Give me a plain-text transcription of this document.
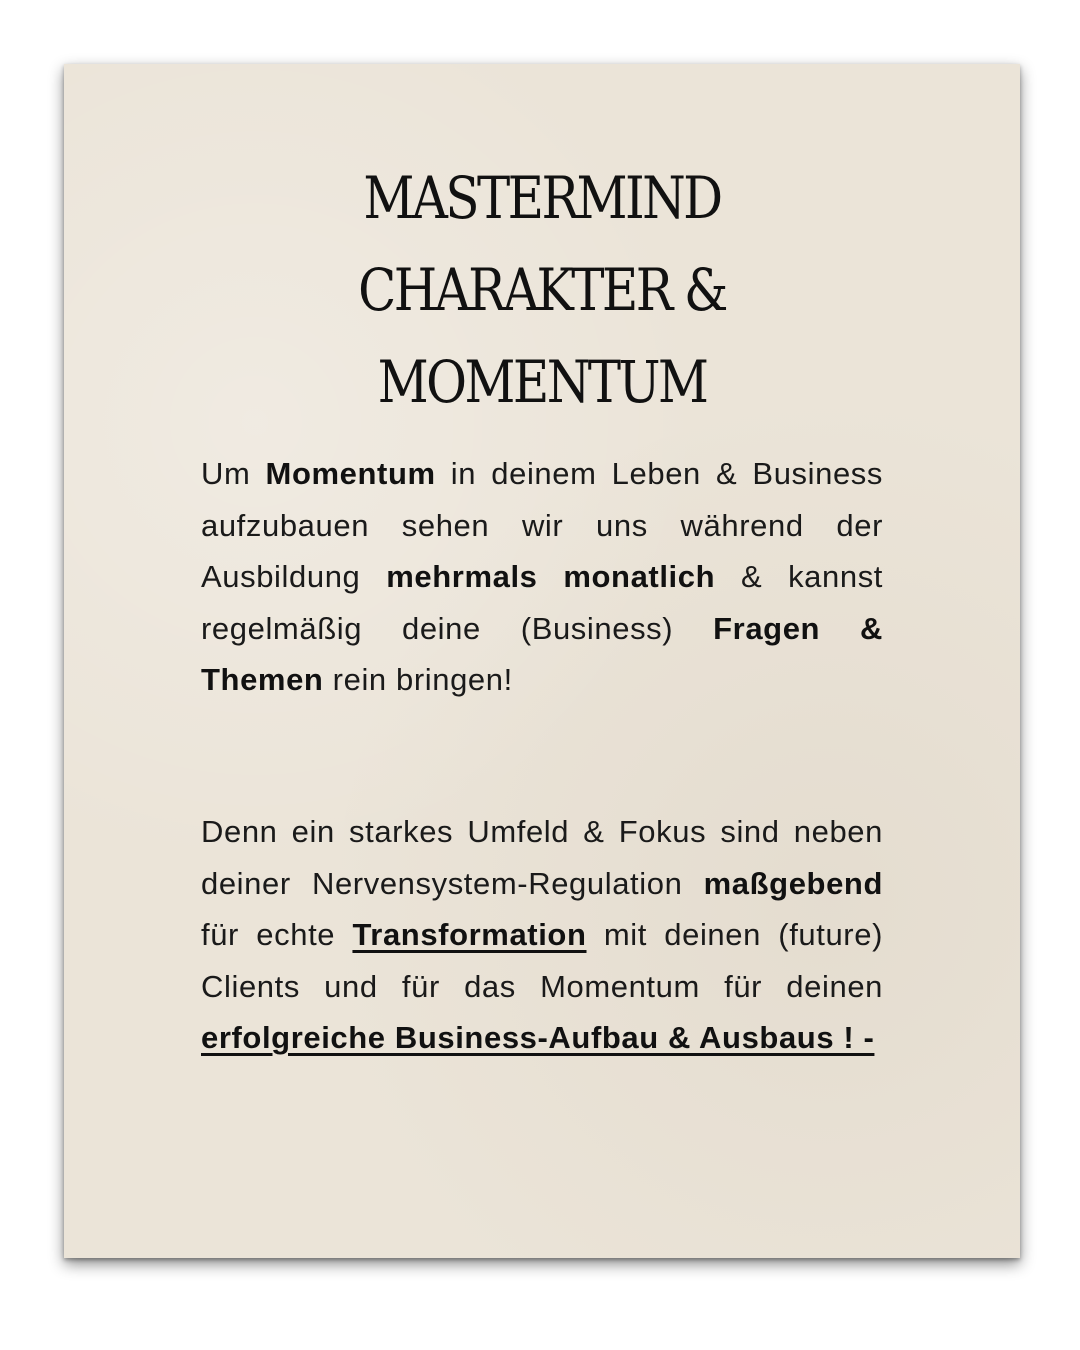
MASTERMIND
CHARAKTER &
MOMENTUM
Um Momentum in deinem Leben & Business aufzubauen sehen wir uns während der Ausbildung mehrmals monatlich & kannst regelmäßig deine (Business) Fragen & Themen rein bringen!
Denn ein starkes Umfeld & Fokus sind neben deiner Nervensystem-Regulation maßgebend für echte Transformation mit deinen (future) Clients und für das Momentum für deinen erfolgreiche Business-Aufbau & Ausbaus ! -
